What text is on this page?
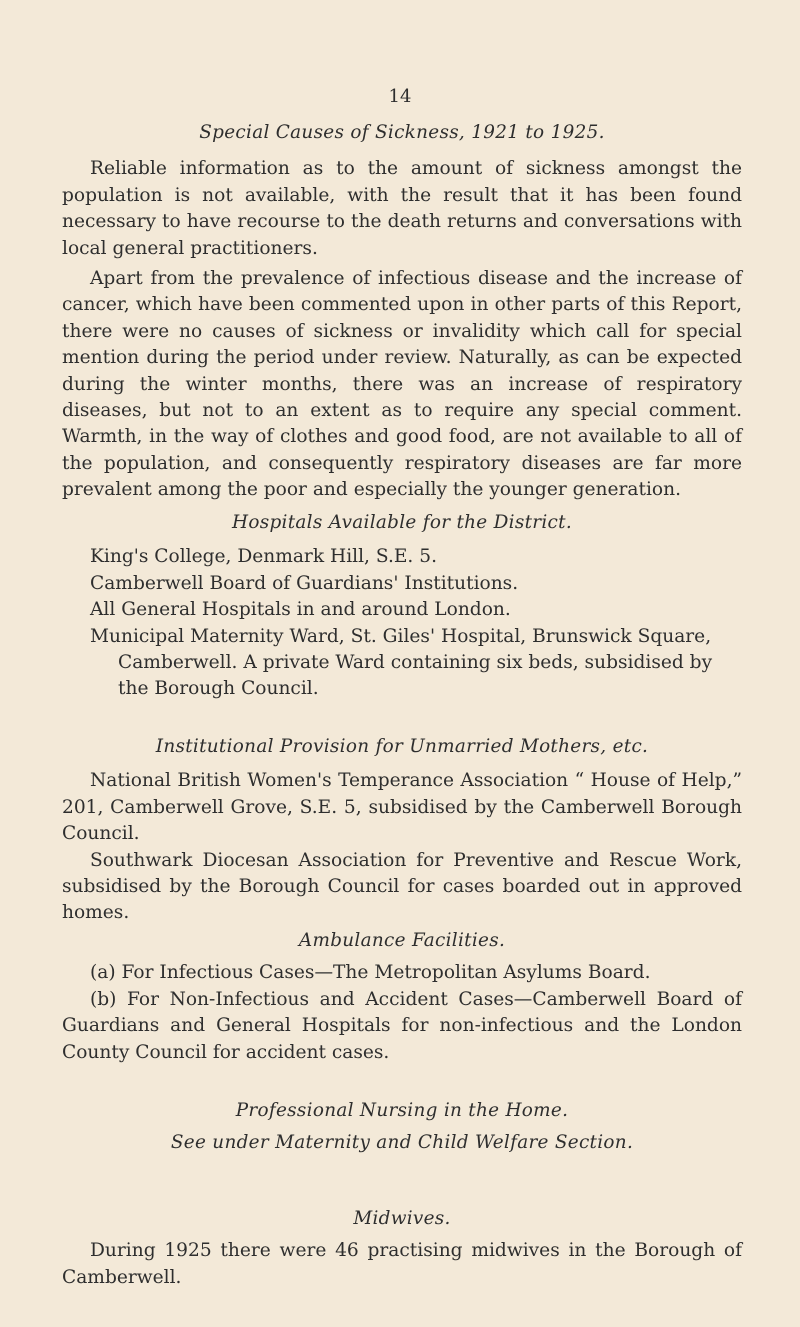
14

Special Causes of Sickness, 1921 to 1925.

Reliable information as to the amount of sickness amongst the population is not available, with the result that it has been found necessary to have recourse to the death returns and conversations with local general practitioners.

Apart from the prevalence of infectious disease and the increase of cancer, which have been commented upon in other parts of this Report, there were no causes of sickness or invalidity which call for special mention during the period under review. Naturally, as can be expected during the winter months, there was an increase of respiratory diseases, but not to an extent as to require any special comment. Warmth, in the way of clothes and good food, are not available to all of the population, and consequently respiratory diseases are far more prevalent among the poor and especially the younger generation.

Hospitals Available for the District.

King's College, Denmark Hill, S.E. 5.

Camberwell Board of Guardians' Institutions.

All General Hospitals in and around London.

Municipal Maternity Ward, St. Giles' Hospital, Brunswick Square, Camberwell. A private Ward containing six beds, subsidised by the Borough Council.

Institutional Provision for Unmarried Mothers, etc.

National British Women's Temperance Association “ House of Help,” 201, Camberwell Grove, S.E. 5, subsidised by the Camberwell Borough Council.

Southwark Diocesan Association for Preventive and Rescue Work, subsidised by the Borough Council for cases boarded out in approved homes.

Ambulance Facilities.

(a) For Infectious Cases—The Metropolitan Asylums Board.

(b) For Non-Infectious and Accident Cases—Camberwell Board of Guardians and General Hospitals for non-infectious and the London County Council for accident cases.

Professional Nursing in the Home.

See under Maternity and Child Welfare Section.

Midwives.

During 1925 there were 46 practising midwives in the Borough of Camberwell.
